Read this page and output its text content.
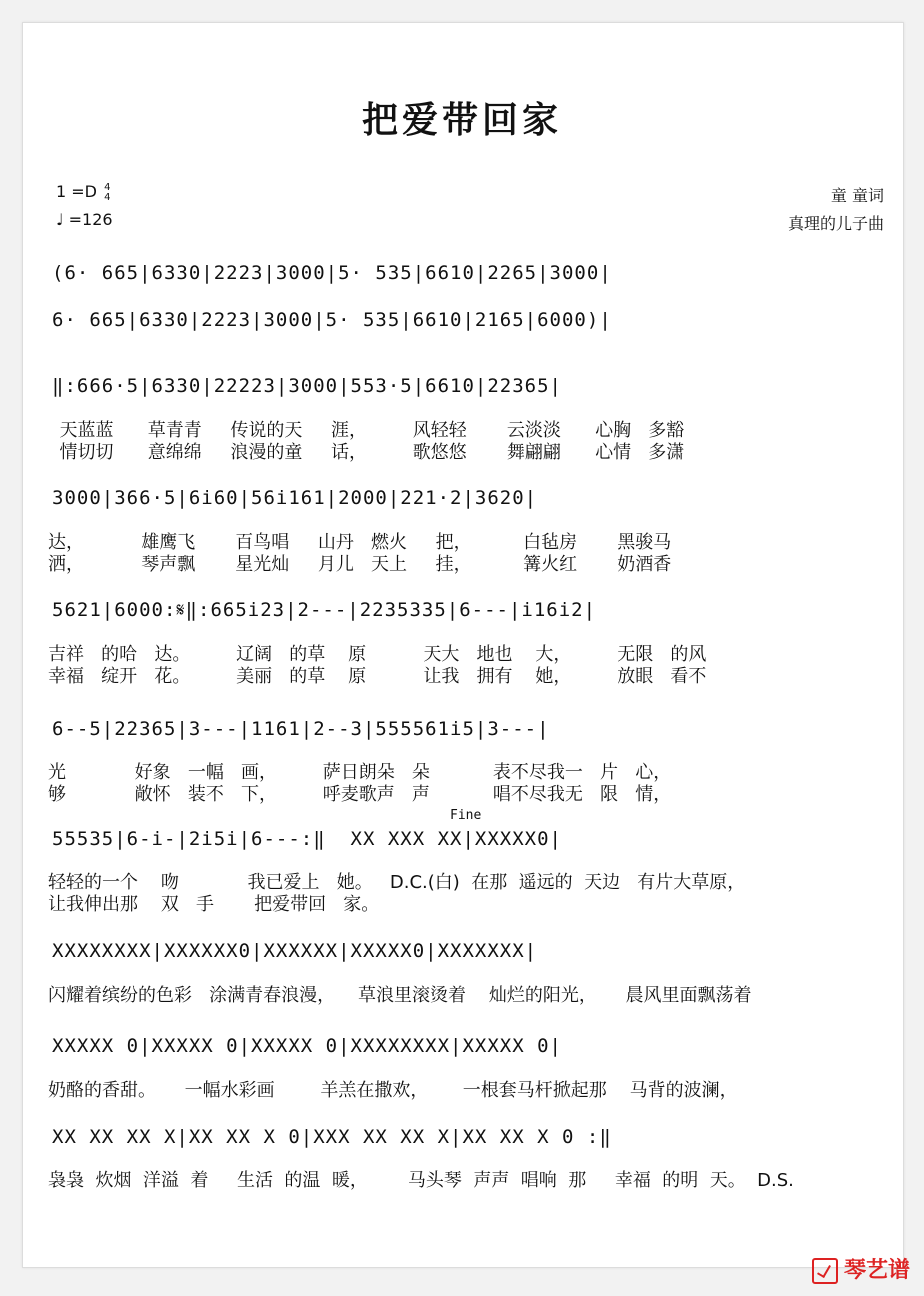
把爱带回家
1 =D 4
4
♩ =126
童 童词
真理的儿子曲
(6· 665|6330|2223|3000|5· 535|6610|2265|3000|
6· 665|6330|2223|3000|5· 535|6610|2165|6000)|
‖:666·5|6330|22223|3000|553·5|6610|22365|
天蓝蓝      草青青     传说的天     涯，        风轻轻       云淡淡      心胸   多豁
情切切      意绵绵     浪漫的童     话，        歌悠悠       舞翩翩      心情   多潇
3000|366·5|6i60|56i161|2000|221·2|3620|
达，          雄鹰飞       百鸟唱     山丹   燃火     把，         白毡房       黑骏马
洒，          琴声飘       星光灿     月儿   天上     挂，         篝火红       奶酒香
5621|6000:𝄋‖:665i23|2---|2235335|6---|i16i2|
吉祥   的哈   达。        辽阔   的草    原          天大   地也    大，        无限   的风
幸福   绽开   花。        美丽   的草    原          让我   拥有    她，        放眼   看不
6--5|22365|3---|1161|2--3|555561i5|3---|
光            好象   一幅   画，        萨日朗朵   朵           表不尽我一   片   心，
够            敞怀   装不   下，        呼麦歌声   声           唱不尽我无   限   情，
Fine
55535|6-i-|2i5i|6---:‖  XX XXX XX|XXXXX0|
轻轻的一个    吻            我已爱上   她。   D.C.(白)  在那  遥远的  天边   有片大草原，
让我伸出那    双   手       把爱带回   家。
XXXXXXXX|XXXXXX0|XXXXXX|XXXXX0|XXXXXXX|
闪耀着缤纷的色彩   涂满青春浪漫，    草浪里滚烫着    灿烂的阳光，     晨风里面飘荡着
XXXXX 0|XXXXX 0|XXXXX 0|XXXXXXXX|XXXXX 0|
奶酪的香甜。     一幅水彩画        羊羔在撒欢，      一根套马杆掀起那    马背的波澜，
XX XX XX X|XX XX X 0|XXX XX XX X|XX XX X 0 :‖
袅袅  炊烟  洋溢  着     生活  的温  暖，       马头琴  声声  唱响  那     幸福  的明  天。  D.S.
琴艺谱
